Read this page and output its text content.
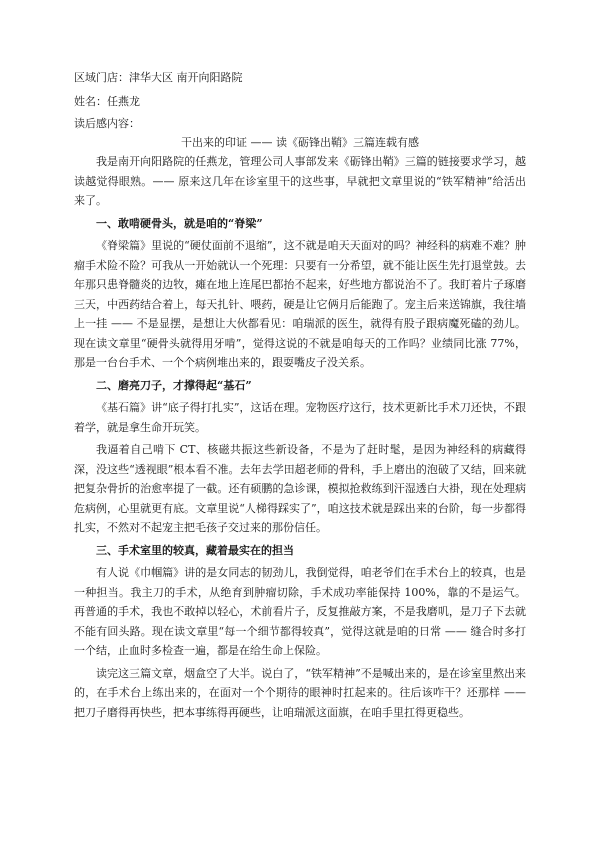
区域门店：津华大区 南开向阳路院
姓名：任燕龙
读后感内容：
干出来的印证 —— 读《砺锋出鞘》三篇连载有感

我是南开向阳路院的任燕龙，管理公司人事部发来《砺锋出鞘》三篇的链接要求学习，越读越觉得眼熟。—— 原来这几年在诊室里干的这些事，早就把文章里说的“铁军精神”给活出来了。

一、敢啃硬骨头，就是咱的“脊梁”

《脊梁篇》里说的“硬仗面前不退缩”，这不就是咱天天面对的吗？神经科的病难不难？肿瘤手术险不险？可我从一开始就认一个死理：只要有一分希望，就不能让医生先打退堂鼓。去年那只患脊髓炎的边牧，瘫在地上连尾巴都抬不起来，好些地方都说治不了。我盯着片子琢磨三天，中西药结合着上，每天扎针、喂药，硬是让它俩月后能跑了。宠主后来送锦旗，我往墙上一挂 —— 不是显摆，是想让大伙都看见：咱瑞派的医生，就得有股子跟病魔死磕的劲儿。现在读文章里“硬骨头就得用牙啃”，觉得这说的不就是咱每天的工作吗？业绩同比涨 77%，那是一台台手术、一个个病例堆出来的，跟耍嘴皮子没关系。

二、磨亮刀子，才撑得起“基石”

《基石篇》讲“底子得打扎实”，这话在理。宠物医疗这行，技术更新比手术刀还快，不跟着学，就是拿生命开玩笑。

我逼着自己啃下 CT、核磁共振这些新设备，不是为了赶时髦，是因为神经科的病藏得深，没这些“透视眼”根本看不准。去年去学田超老师的骨科，手上磨出的泡破了又结，回来就把复杂骨折的治愈率提了一截。还有硕鹏的急诊课，模拟抢救练到汗湿透白大褂，现在处理病危病例，心里就更有底。文章里说“人梯得踩实了”，咱这技术就是踩出来的台阶，每一步都得扎实，不然对不起宠主把毛孩子交过来的那份信任。

三、手术室里的较真，藏着最实在的担当

有人说《巾帼篇》讲的是女同志的韧劲儿，我倒觉得，咱老爷们在手术台上的较真，也是一种担当。我主刀的手术，从绝育到肿瘤切除，手术成功率能保持 100%，靠的不是运气。再普通的手术，我也不敢掉以轻心，术前看片子，反复推敲方案，不是我磨叽，是刀子下去就不能有回头路。现在读文章里“每一个细节都得较真”，觉得这就是咱的日常 —— 缝合时多打一个结，止血时多检查一遍，都是在给生命上保险。

读完这三篇文章，烟盒空了大半。说白了，“铁军精神”不是喊出来的，是在诊室里熬出来的，在手术台上练出来的，在面对一个个期待的眼神时扛起来的。往后该咋干？还那样 —— 把刀子磨得再快些，把本事练得再硬些，让咱瑞派这面旗，在咱手里扛得更稳些。
